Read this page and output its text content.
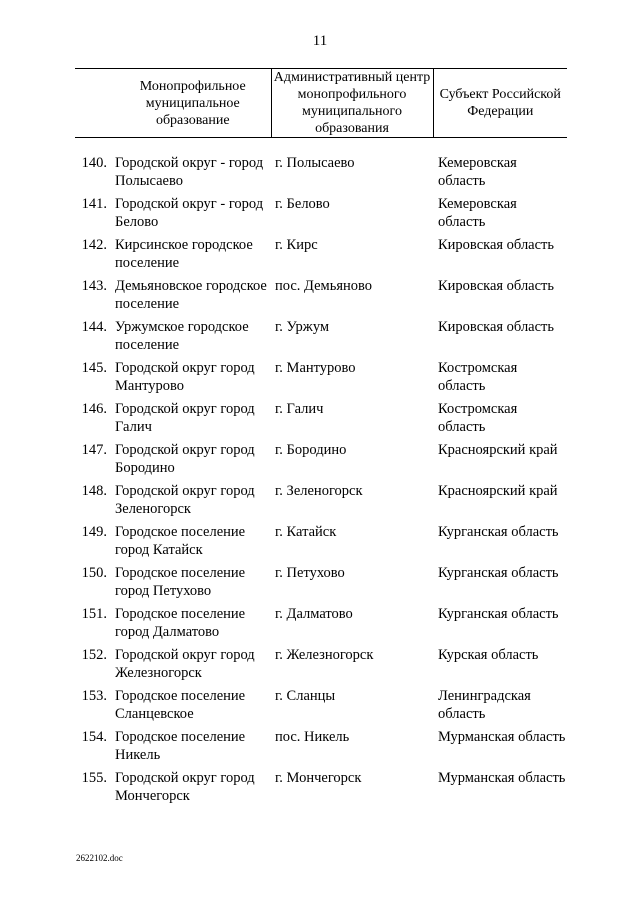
11
	Монопрофильное муниципальное образование	Административный центр монопрофильного муниципального образования	Субъект Российской Федерации

140.	Городской округ - город Полысаево	г. Полысаево	Кемеровская область
141.	Городской округ - город Белово	г. Белово	Кемеровская область
142.	Кирсинское городское поселение	г. Кирс	Кировская область
143.	Демьяновское городское поселение	пос. Демьяново	Кировская область
144.	Уржумское городское поселение	г. Уржум	Кировская область
145.	Городской округ город Мантурово	г. Мантурово	Костромская область
146.	Городской округ город Галич	г. Галич	Костромская область
147.	Городской округ город Бородино	г. Бородино	Красноярский край
148.	Городской округ город Зеленогорск	г. Зеленогорск	Красноярский край
149.	Городское поселение город Катайск	г. Катайск	Курганская область
150.	Городское поселение город Петухово	г. Петухово	Курганская область
151.	Городское поселение город Далматово	г. Далматово	Курганская область
152.	Городской округ город Железногорск	г. Железногорск	Курская область
153.	Городское поселение Сланцевское	г. Сланцы	Ленинградская область
154.	Городское поселение Никель	пос. Никель	Мурманская область
155.	Городской округ город Мончегорск	г. Мончегорск	Мурманская область
2622102.doc
